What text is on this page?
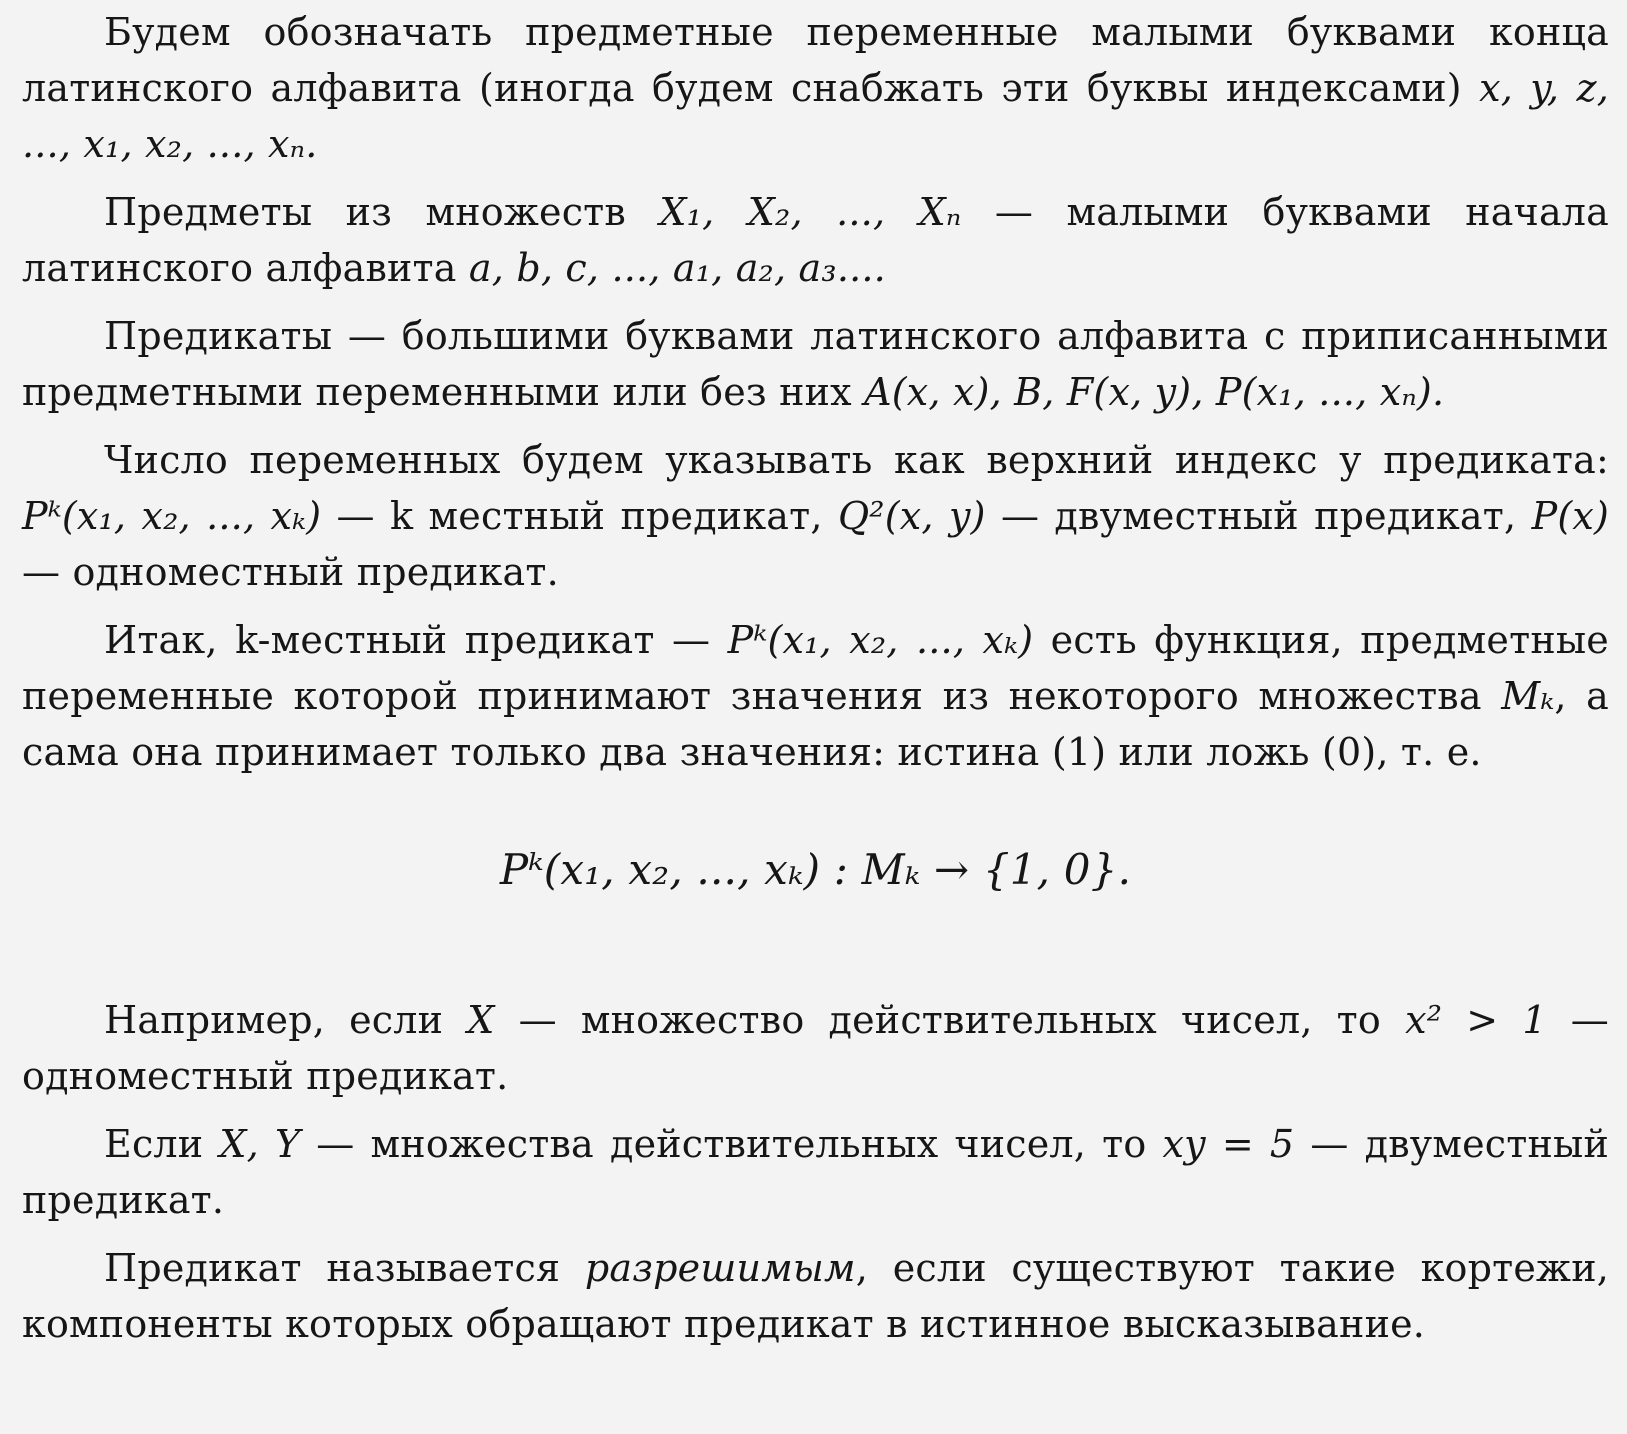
Будем обозначать предметные переменные малыми буквами конца латинского алфавита (иногда будем снабжать эти буквы индексами) x, y, z, ..., x₁, x₂, ..., xₙ.

Предметы из множеств X₁, X₂, ..., Xₙ — малыми буквами начала латинского алфавита a, b, c, ..., a₁, a₂, a₃....

Предикаты — большими буквами латинского алфавита с приписанными предметными переменными или без них A(x, x), B, F(x, y), P(x₁, ..., xₙ).

Число переменных будем указывать как верхний индекс у предиката: Pᵏ(x₁, x₂, ..., xₖ) — k местный предикат, Q²(x, y) — двуместный предикат, P(x) — одноместный предикат.

Итак, k-местный предикат — Pᵏ(x₁, x₂, ..., xₖ) есть функция, предметные переменные которой принимают значения из некоторого множества Mₖ, а сама она принимает только два значения: истина (1) или ложь (0), т. е.

Pᵏ(x₁, x₂, ..., xₖ) : Mₖ → {1, 0}.

Например, если X — множество действительных чисел, то x² > 1 — одноместный предикат.

Если X, Y — множества действительных чисел, то xy = 5 — двуместный предикат.

Предикат называется разрешимым, если существуют такие кортежи, компоненты которых обращают предикат в истинное высказывание.
